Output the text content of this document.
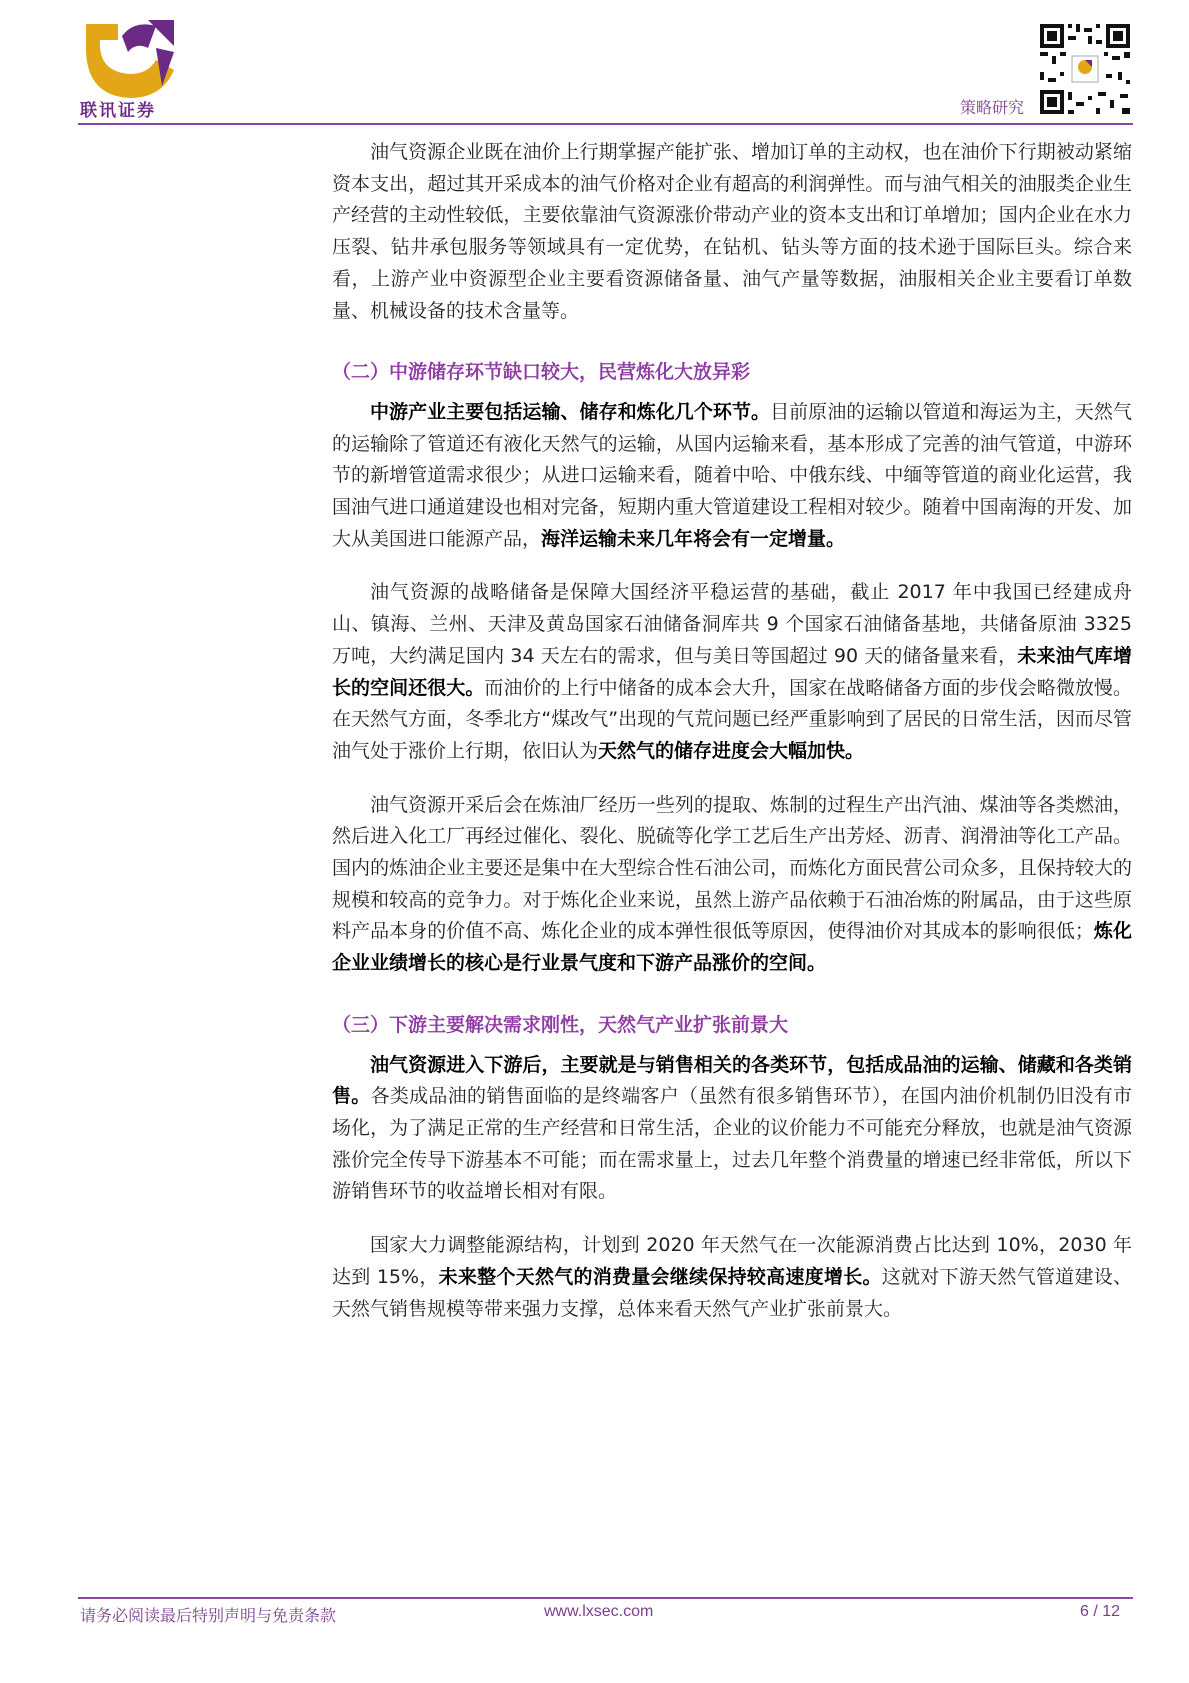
联讯证券	策略研究

油气资源企业既在油价上行期掌握产能扩张、增加订单的主动权，也在油价下行期被动紧缩资本支出，超过其开采成本的油气价格对企业有超高的利润弹性。而与油气相关的油服类企业生产经营的主动性较低，主要依靠油气资源涨价带动产业的资本支出和订单增加；国内企业在水力压裂、钻井承包服务等领域具有一定优势，在钻机、钻头等方面的技术逊于国际巨头。综合来看，上游产业中资源型企业主要看资源储备量、油气产量等数据，油服相关企业主要看订单数量、机械设备的技术含量等。

（二）中游储存环节缺口较大，民营炼化大放异彩

中游产业主要包括运输、储存和炼化几个环节。目前原油的运输以管道和海运为主，天然气的运输除了管道还有液化天然气的运输，从国内运输来看，基本形成了完善的油气管道，中游环节的新增管道需求很少；从进口运输来看，随着中哈、中俄东线、中缅等管道的商业化运营，我国油气进口通道建设也相对完备，短期内重大管道建设工程相对较少。随着中国南海的开发、加大从美国进口能源产品，海洋运输未来几年将会有一定增量。

油气资源的战略储备是保障大国经济平稳运营的基础，截止 2017 年中我国已经建成舟山、镇海、兰州、天津及黄岛国家石油储备洞库共 9 个国家石油储备基地，共储备原油 3325 万吨，大约满足国内 34 天左右的需求，但与美日等国超过 90 天的储备量来看，未来油气库增长的空间还很大。而油价的上行中储备的成本会大升，国家在战略储备方面的步伐会略微放慢。在天然气方面，冬季北方“煤改气”出现的气荒问题已经严重影响到了居民的日常生活，因而尽管油气处于涨价上行期，依旧认为天然气的储存进度会大幅加快。

油气资源开采后会在炼油厂经历一些列的提取、炼制的过程生产出汽油、煤油等各类燃油，然后进入化工厂再经过催化、裂化、脱硫等化学工艺后生产出芳烃、沥青、润滑油等化工产品。国内的炼油企业主要还是集中在大型综合性石油公司，而炼化方面民营公司众多，且保持较大的规模和较高的竞争力。对于炼化企业来说，虽然上游产品依赖于石油冶炼的附属品，由于这些原料产品本身的价值不高、炼化企业的成本弹性很低等原因，使得油价对其成本的影响很低；炼化企业业绩增长的核心是行业景气度和下游产品涨价的空间。

（三）下游主要解决需求刚性，天然气产业扩张前景大

油气资源进入下游后，主要就是与销售相关的各类环节，包括成品油的运输、储藏和各类销售。各类成品油的销售面临的是终端客户（虽然有很多销售环节），在国内油价机制仍旧没有市场化，为了满足正常的生产经营和日常生活，企业的议价能力不可能充分释放，也就是油气资源涨价完全传导下游基本不可能；而在需求量上，过去几年整个消费量的增速已经非常低，所以下游销售环节的收益增长相对有限。

国家大力调整能源结构，计划到 2020 年天然气在一次能源消费占比达到 10%，2030 年达到 15%，未来整个天然气的消费量会继续保持较高速度增长。这就对下游天然气管道建设、天然气销售规模等带来强力支撑，总体来看天然气产业扩张前景大。

请务必阅读最后特别声明与免责条款	www.lxsec.com	6 / 12
